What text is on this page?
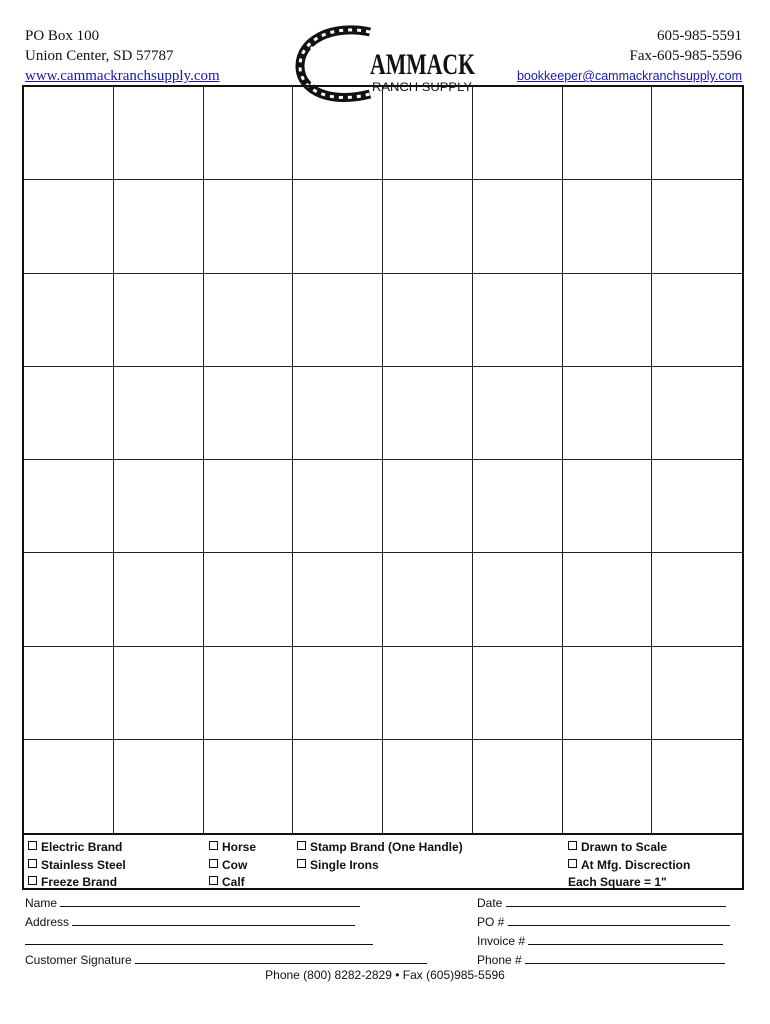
PO Box 100
Union Center, SD 57787
www.cammackranchsupply.com	AMMACK
RANCH SUPPLY
605-985-5591
Fax-605-985-5596
bookkeeper@cammackranchsupply.com
Electric Brand
Stainless Steel
Freeze Brand
Horse
Cow
Calf
Stamp Brand (One Handle)
Single Irons
Drawn to Scale
At Mfg. Discrection
Each Square = 1"
Name
Address
Customer Signature
Date
PO #
Invoice #
Phone #
Phone (800) 8282-2829 • Fax (605)985-5596
